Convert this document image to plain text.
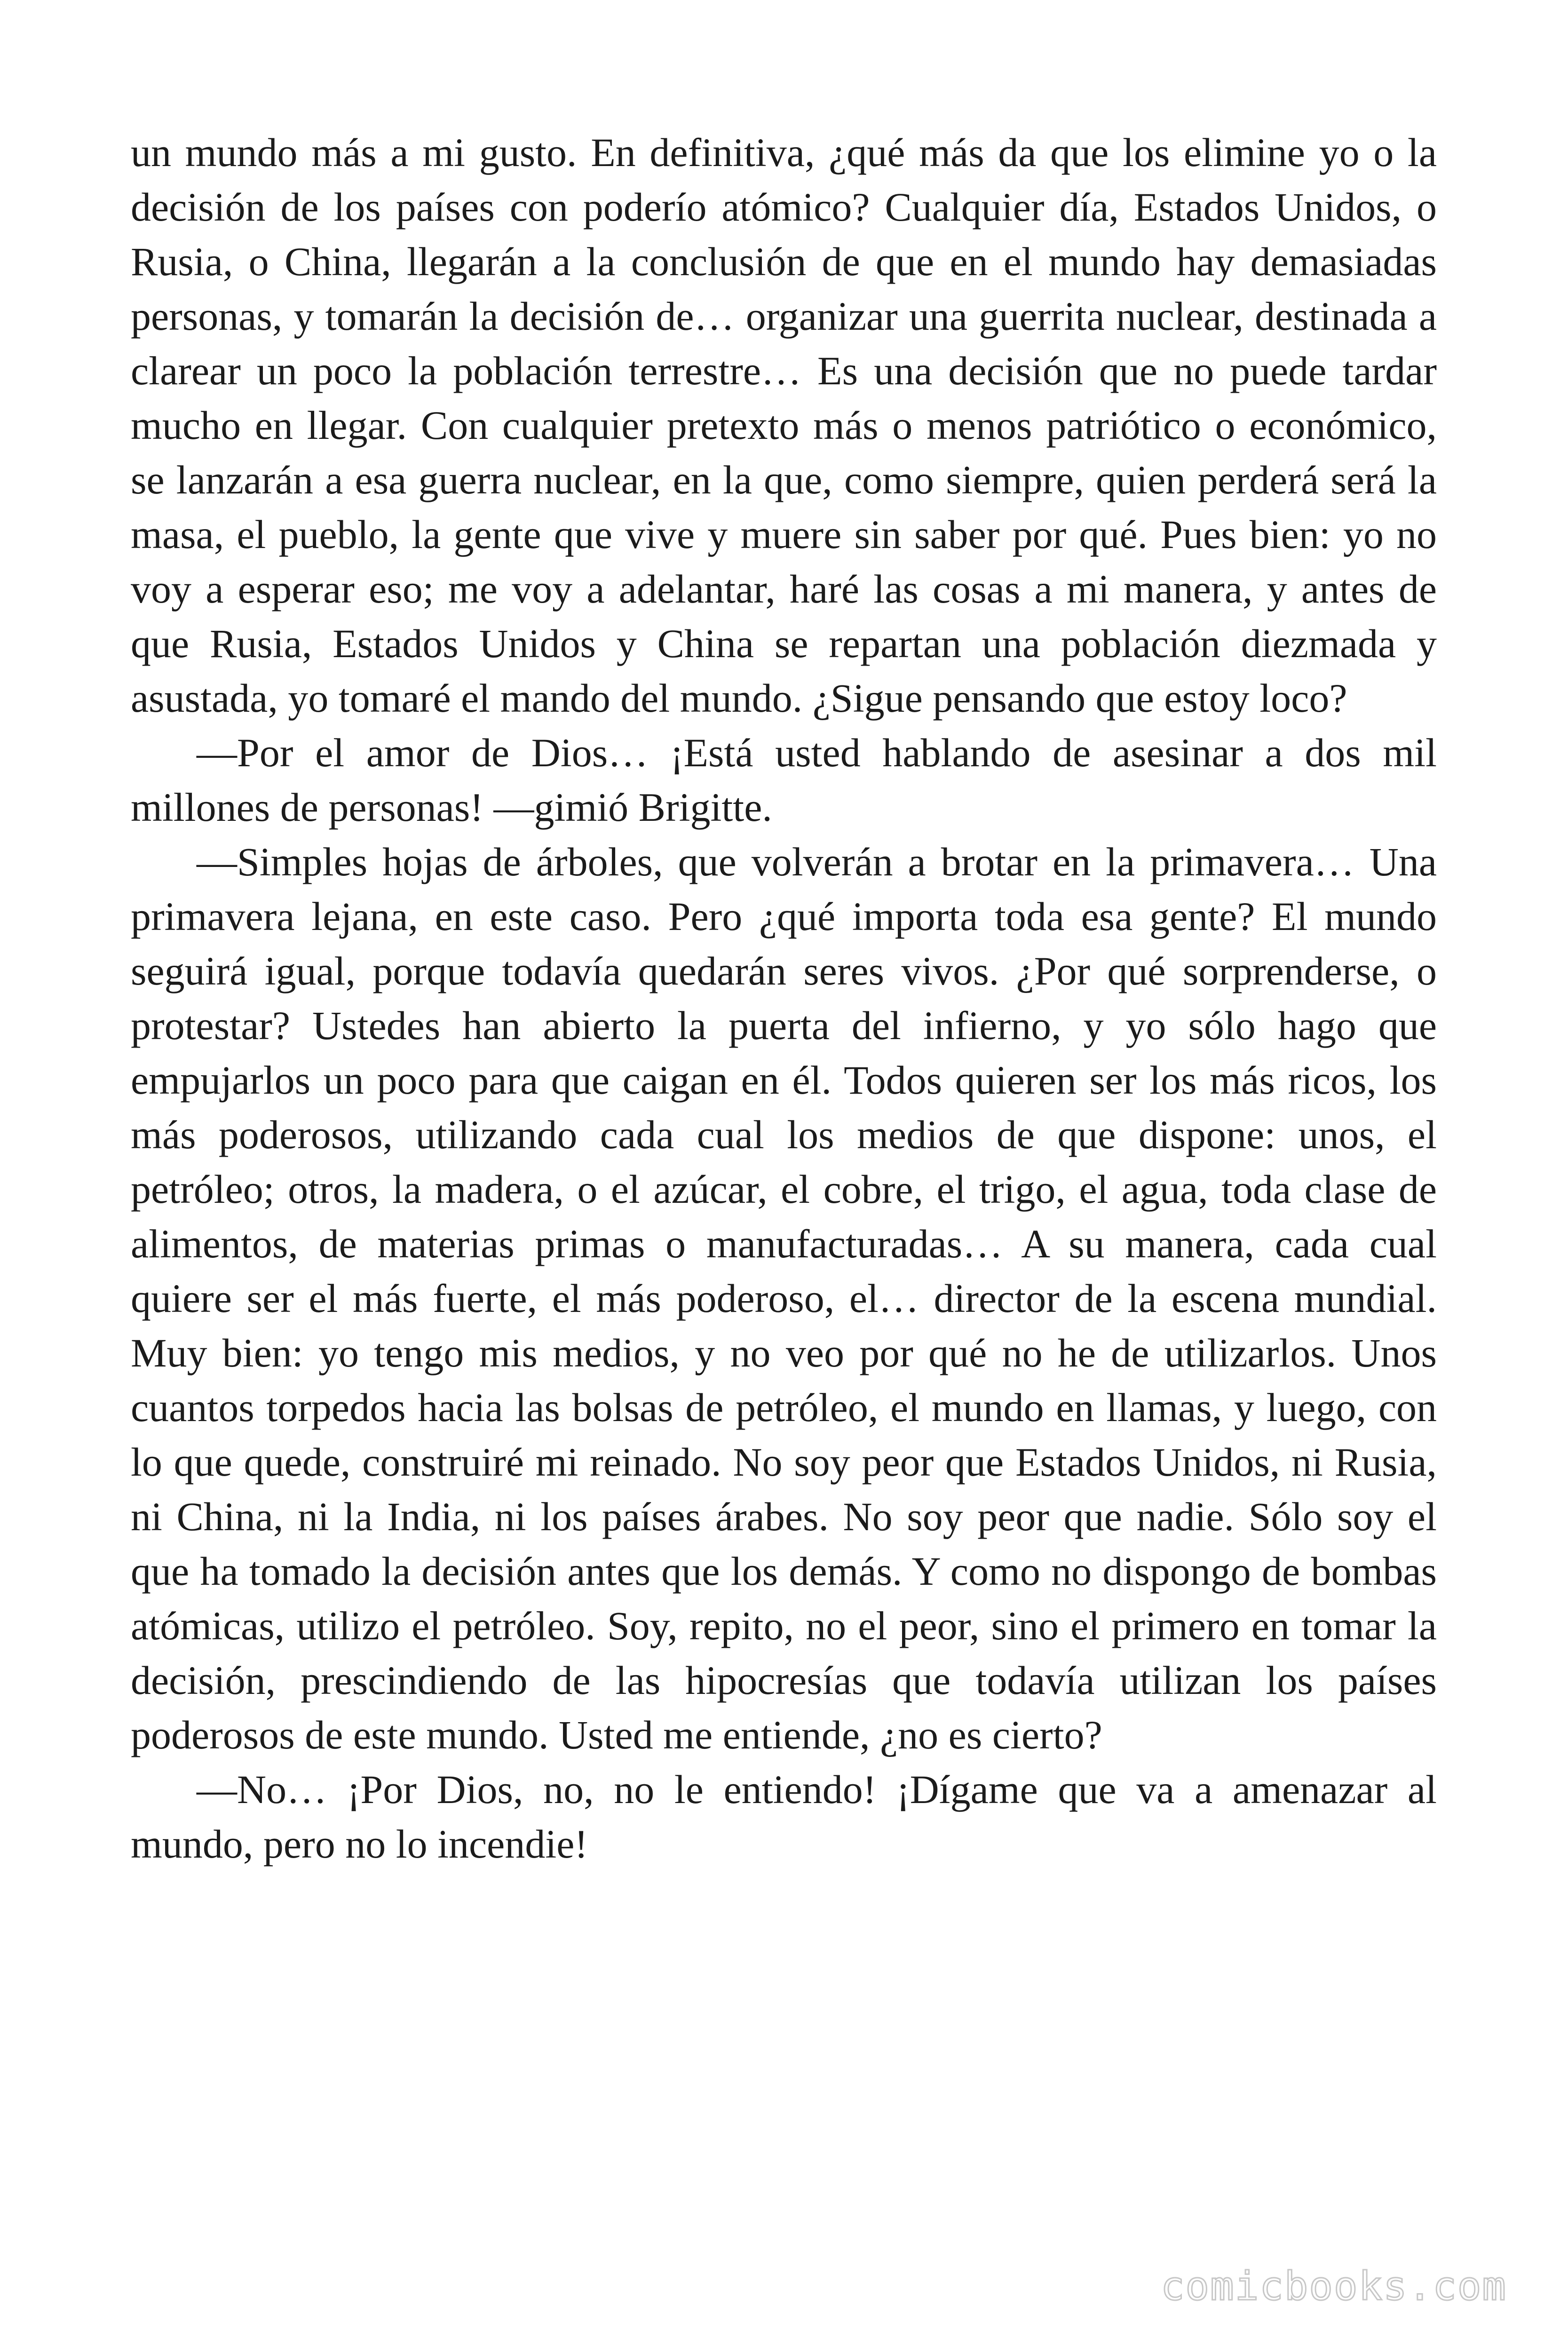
un mundo más a mi gusto. En definitiva, ¿qué más da que los elimine yo o la decisión de los países con poderío atómico? Cualquier día, Estados Unidos, o Rusia, o China, llegarán a la conclusión de que en el mundo hay demasiadas personas, y tomarán la decisión de… organizar una guerrita nuclear, destinada a clarear un poco la población terrestre… Es una decisión que no puede tardar mucho en llegar. Con cualquier pretexto más o menos patriótico o económico, se lanzarán a esa guerra nuclear, en la que, como siempre, quien perderá será la masa, el pueblo, la gente que vive y muere sin saber por qué. Pues bien: yo no voy a esperar eso; me voy a adelantar, haré las cosas a mi manera, y antes de que Rusia, Estados Unidos y China se repartan una población diezmada y asustada, yo tomaré el mando del mundo. ¿Sigue pensando que estoy loco?

—Por el amor de Dios… ¡Está usted hablando de asesinar a dos mil millones de personas! —gimió Brigitte.

—Simples hojas de árboles, que volverán a brotar en la primavera… Una primavera lejana, en este caso. Pero ¿qué importa toda esa gente? El mundo seguirá igual, porque todavía quedarán seres vivos. ¿Por qué sorprenderse, o protestar? Ustedes han abierto la puerta del infierno, y yo sólo hago que empujarlos un poco para que caigan en él. Todos quieren ser los más ricos, los más poderosos, utilizando cada cual los medios de que dispone: unos, el petróleo; otros, la madera, o el azúcar, el cobre, el trigo, el agua, toda clase de alimentos, de materias primas o manufacturadas… A su manera, cada cual quiere ser el más fuerte, el más poderoso, el… director de la escena mundial. Muy bien: yo tengo mis medios, y no veo por qué no he de utilizarlos. Unos cuantos torpedos hacia las bolsas de petróleo, el mundo en llamas, y luego, con lo que quede, construiré mi reinado. No soy peor que Estados Unidos, ni Rusia, ni China, ni la India, ni los países árabes. No soy peor que nadie. Sólo soy el que ha tomado la decisión antes que los demás. Y como no dispongo de bombas atómicas, utilizo el petróleo. Soy, repito, no el peor, sino el primero en tomar la decisión, prescindiendo de las hipocresías que todavía utilizan los países poderosos de este mundo. Usted me entiende, ¿no es cierto?

—No… ¡Por Dios, no, no le entiendo! ¡Dígame que va a amenazar al mundo, pero no lo incendie!

comicbooks.com
